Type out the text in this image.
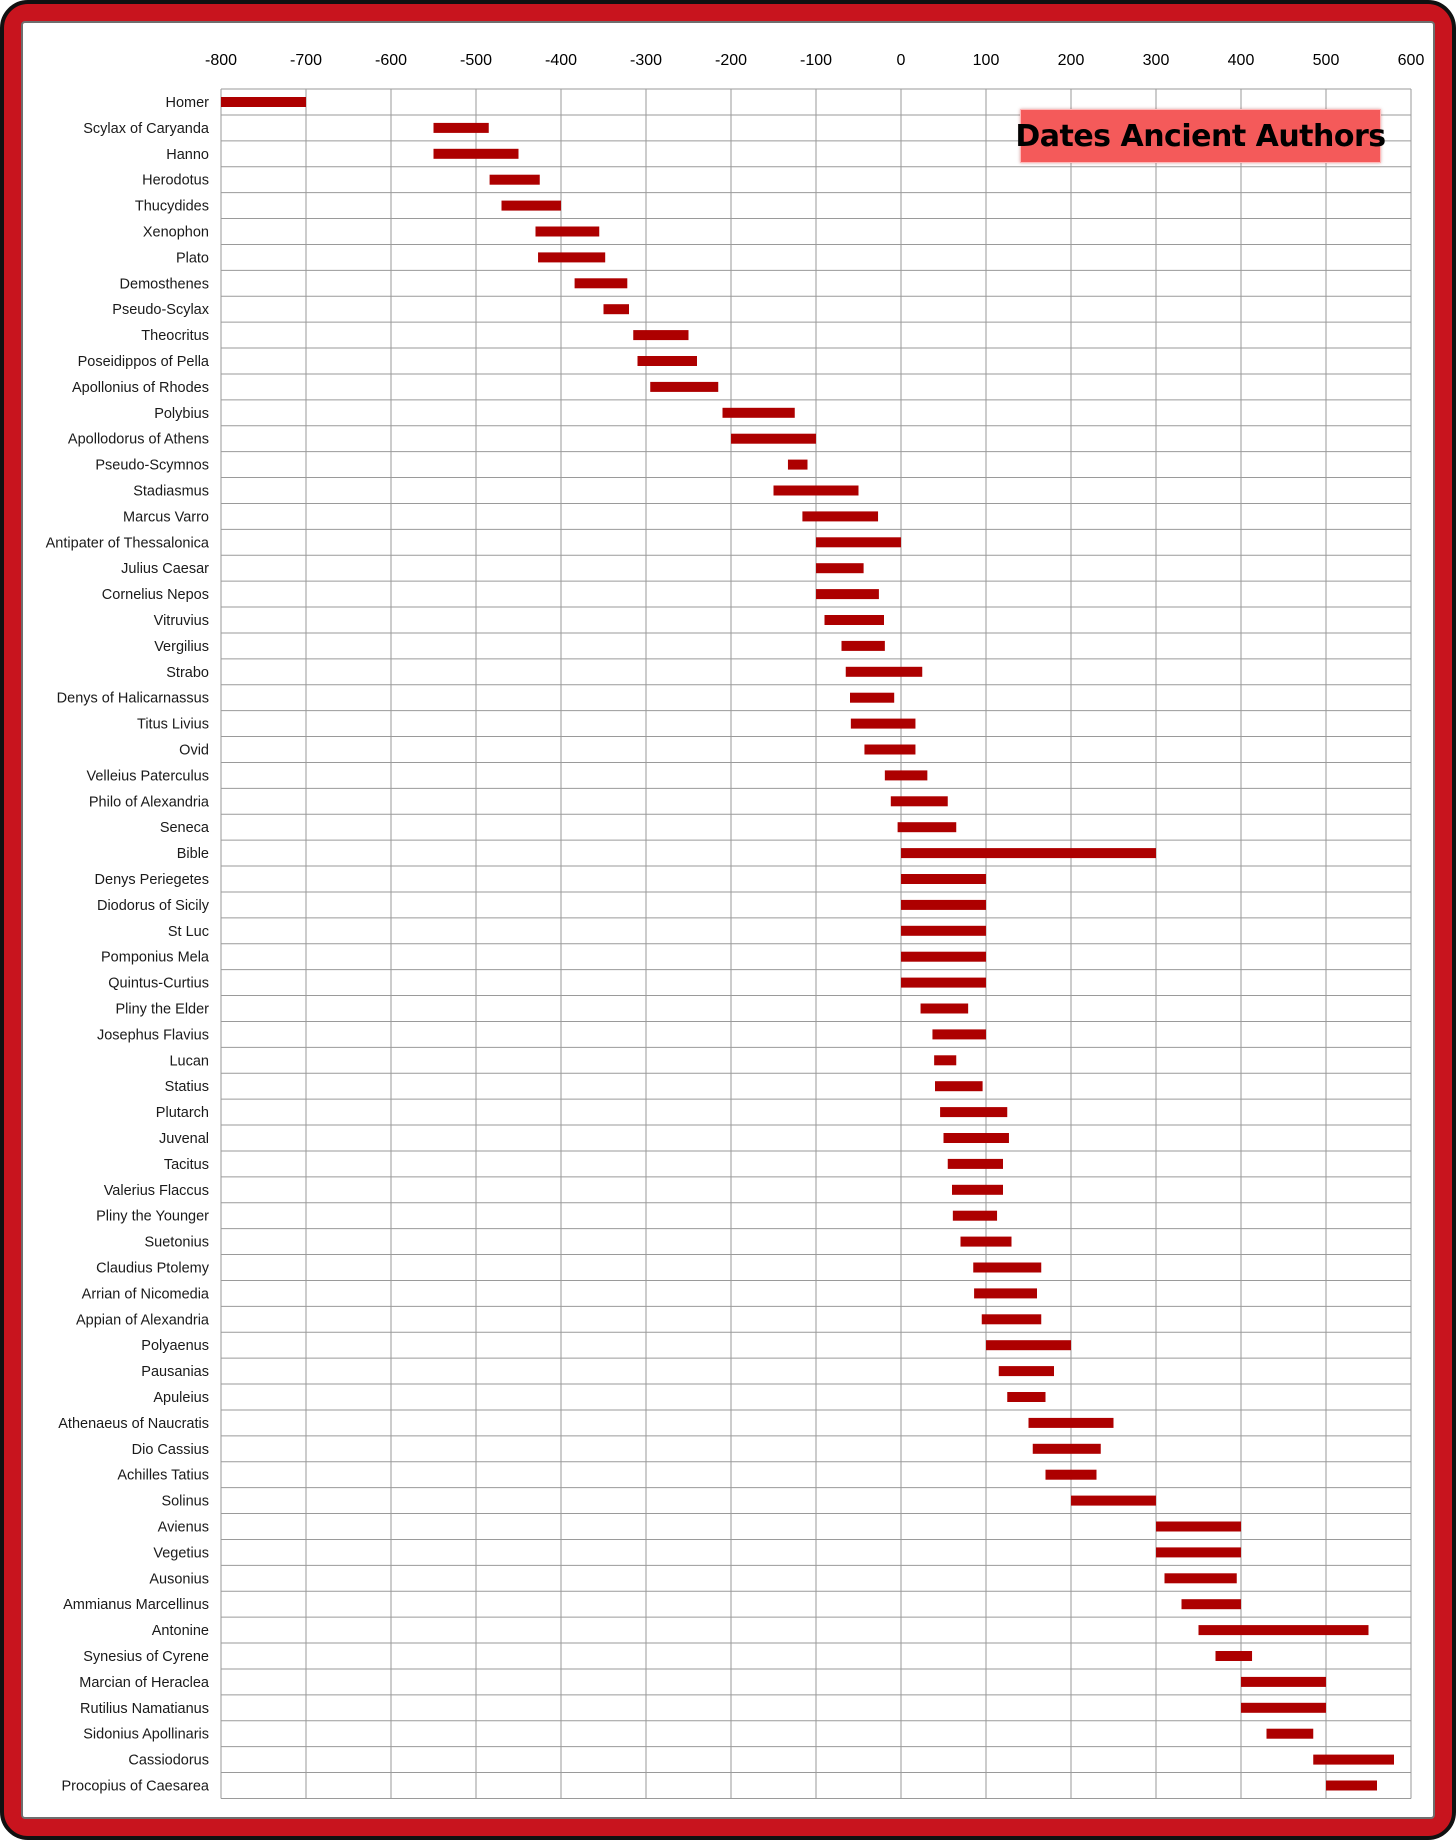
-800	-700	-600	-500	-400	-300	-200	-100	0	100	200	300	400	500	600
Homer
Scylax of Caryanda
Hanno
Herodotus
Thucydides
Xenophon
Plato
Demosthenes
Pseudo-Scylax
Theocritus
Poseidippos of Pella
Apollonius of Rhodes
Polybius
Apollodorus of Athens
Pseudo-Scymnos
Stadiasmus
Marcus Varro
Antipater of Thessalonica
Julius Caesar
Cornelius Nepos
Vitruvius
Vergilius
Strabo
Denys of Halicarnassus
Titus Livius
Ovid
Velleius Paterculus
Philo of Alexandria
Seneca
Bible
Denys Periegetes
Diodorus of Sicily
St Luc
Pomponius Mela
Quintus-Curtius
Pliny the Elder
Josephus Flavius
Lucan
Statius
Plutarch
Juvenal
Tacitus
Valerius Flaccus
Pliny the Younger
Suetonius
Claudius Ptolemy
Arrian of Nicomedia
Appian of Alexandria
Polyaenus
Pausanias
Apuleius
Athenaeus of Naucratis
Dio Cassius
Achilles Tatius
Solinus
Avienus
Vegetius
Ausonius
Ammianus Marcellinus
Antonine
Synesius of Cyrene
Marcian of Heraclea
Rutilius Namatianus
Sidonius Apollinaris
Cassiodorus
Procopius of Caesarea
Dates Ancient Authors
